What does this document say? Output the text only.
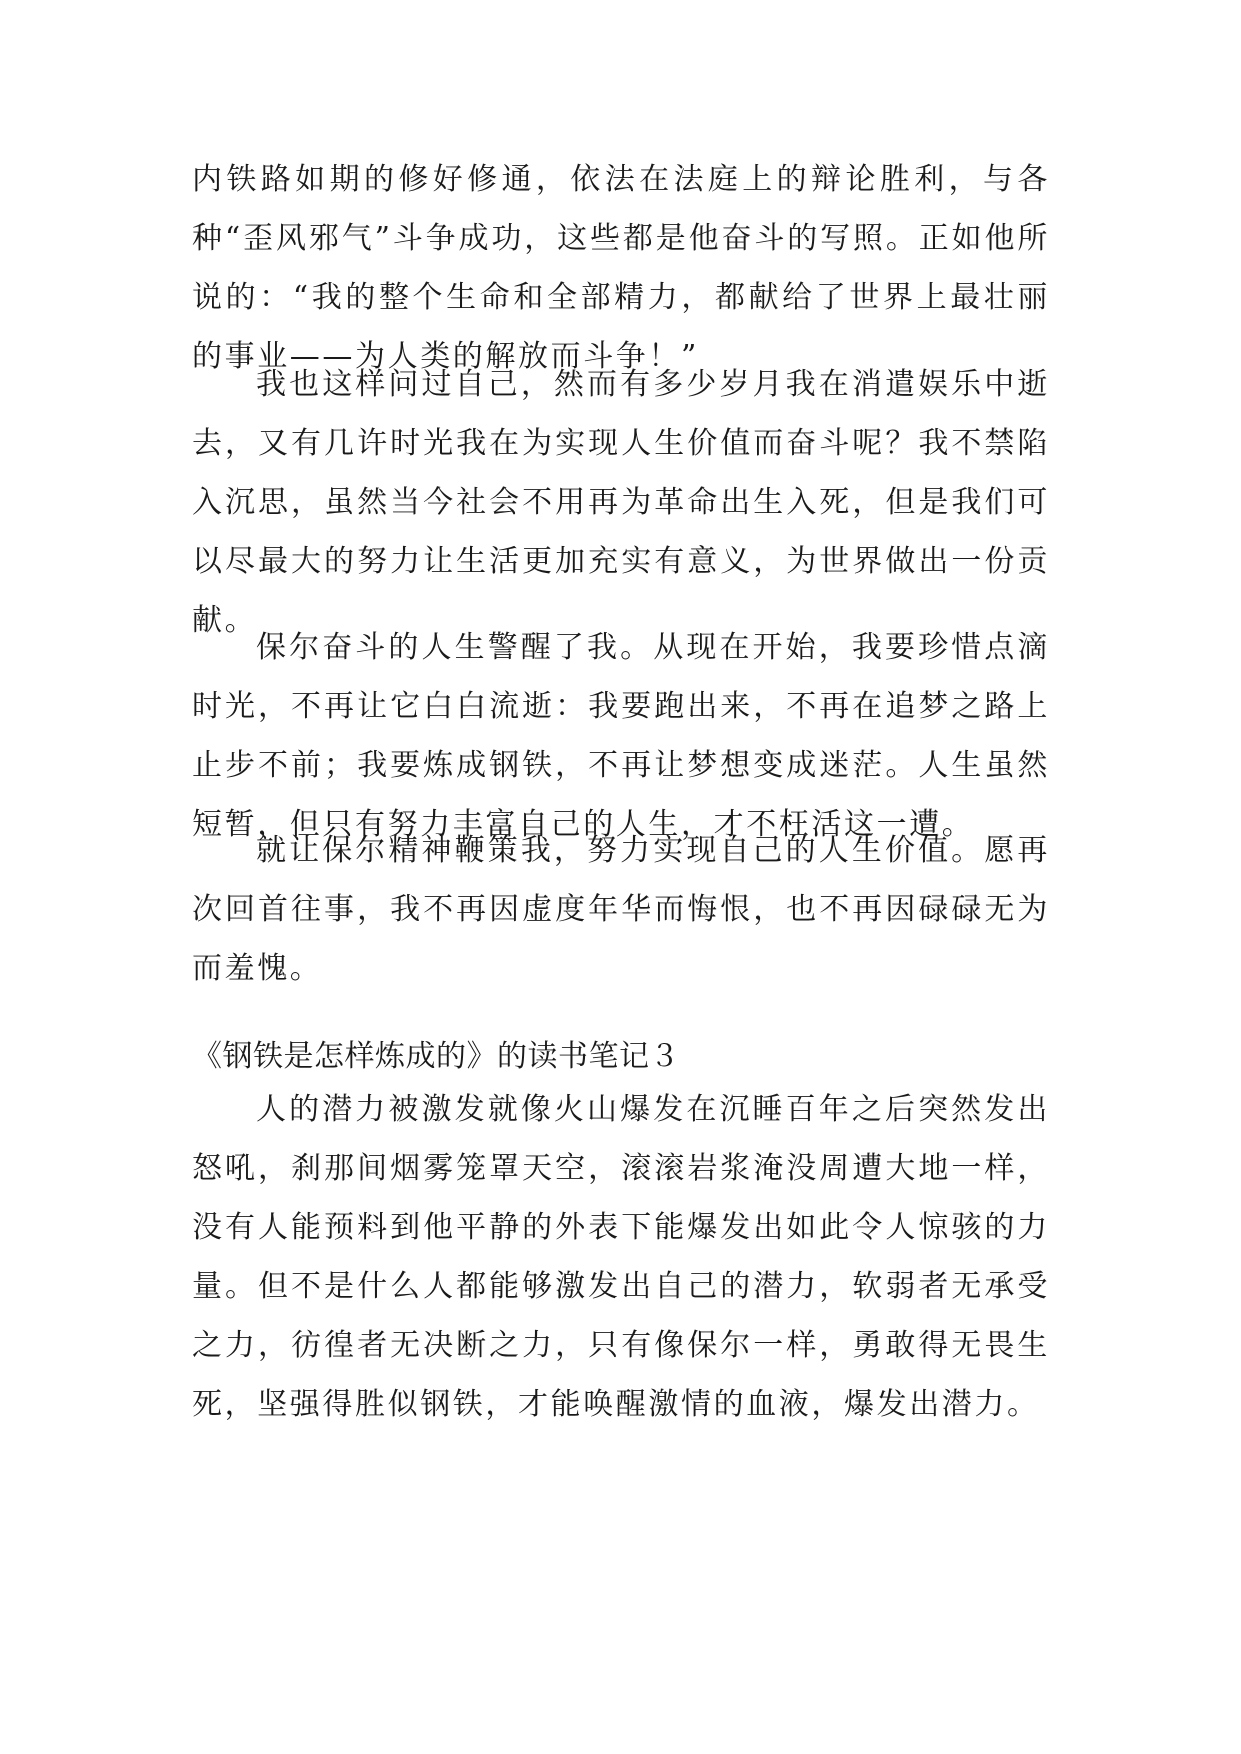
内铁路如期的修好修通，依法在法庭上的辩论胜利，与各种“歪风邪气”斗争成功，这些都是他奋斗的写照。正如他所说的：“我的整个生命和全部精力，都献给了世界上最壮丽的事业——为人类的解放而斗争！”

我也这样问过自己，然而有多少岁月我在消遣娱乐中逝去，又有几许时光我在为实现人生价值而奋斗呢？我不禁陷入沉思，虽然当今社会不用再为革命出生入死，但是我们可以尽最大的努力让生活更加充实有意义，为世界做出一份贡献。

保尔奋斗的人生警醒了我。从现在开始，我要珍惜点滴时光，不再让它白白流逝：我要跑出来，不再在追梦之路上止步不前；我要炼成钢铁，不再让梦想变成迷茫。人生虽然短暂，但只有努力丰富自己的人生，才不枉活这一遭。

就让保尔精神鞭策我，努力实现自己的人生价值。愿再次回首往事，我不再因虚度年华而悔恨，也不再因碌碌无为而羞愧。

《钢铁是怎样炼成的》的读书笔记３

人的潜力被激发就像火山爆发在沉睡百年之后突然发出怒吼，刹那间烟雾笼罩天空，滚滚岩浆淹没周遭大地一样，没有人能预料到他平静的外表下能爆发出如此令人惊骇的力量。但不是什么人都能够激发出自己的潜力，软弱者无承受之力，彷徨者无决断之力，只有像保尔一样，勇敢得无畏生死，坚强得胜似钢铁，才能唤醒激情的血液，爆发出潜力。
